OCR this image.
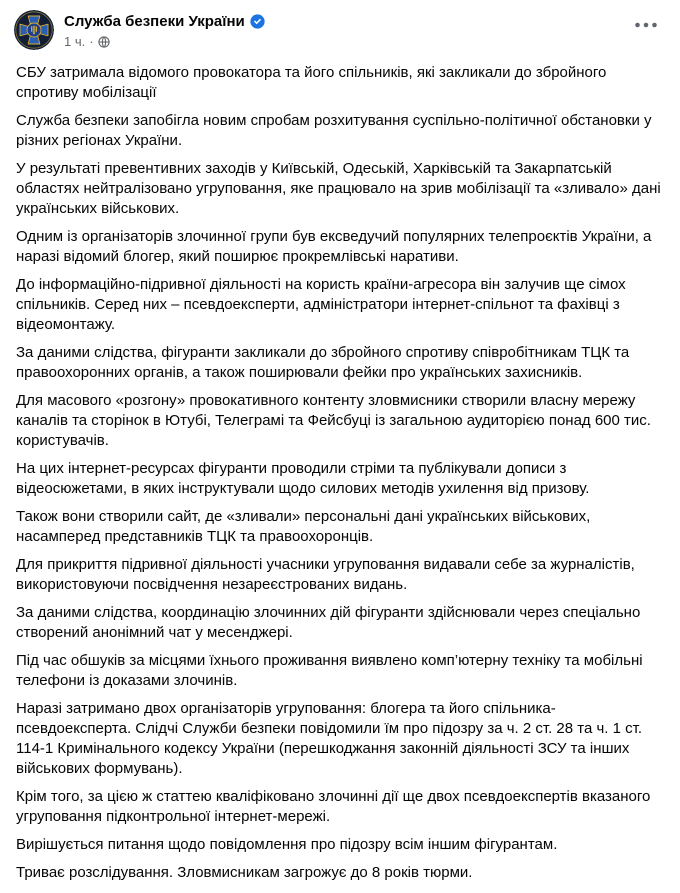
Служба безпеки України
1 ч. ·

СБУ затримала відомого провокатора та його спільників, які закликали до збройного спротиву мобілізації

Служба безпеки запобігла новим спробам розхитування суспільно-політичної обстановки у різних регіонах України.

У результаті превентивних заходів у Київській, Одеській, Харківській та Закарпатській областях нейтралізовано угруповання, яке працювало на зрив мобілізації та «зливало» дані українських військових.

Одним із організаторів злочинної групи був ексведучий популярних телепроєктів України, а наразі відомий блогер, який поширює прокремлівські наративи.

До інформаційно-підривної діяльності на користь країни-агресора він залучив ще сімох спільників. Серед них – псевдоексперти, адміністратори інтернет-спільнот та фахівці з відеомонтажу.

За даними слідства, фігуранти закликали до збройного спротиву співробітникам ТЦК та правоохоронних органів, а також поширювали фейки про українських захисників.

Для масового «розгону» провокативного контенту зловмисники створили власну мережу каналів та сторінок в Ютубі, Телеграмі та Фейсбуці із загальною аудиторією понад 600 тис. користувачів.

На цих інтернет-ресурсах фігуранти проводили стріми та публікували дописи з відеосюжетами, в яких інструктували щодо силових методів ухилення від призову.

Також вони створили сайт, де «зливали» персональні дані українських військових, насамперед представників ТЦК та правоохоронців.

Для прикриття підривної діяльності учасники угруповання видавали себе за журналістів, використовуючи посвідчення незареєстрованих видань.

За даними слідства, координацію злочинних дій фігуранти здійснювали через спеціально створений анонімний чат у месенджері.

Під час обшуків за місцями їхнього проживання виявлено комп’ютерну техніку та мобільні телефони із доказами злочинів.

Наразі затримано двох організаторів угруповання: блогера та його спільника-псевдоексперта. Слідчі Служби безпеки повідомили їм про підозру за ч. 2 ст. 28 та ч. 1 ст. 114-1 Кримінального кодексу України (перешкоджання законній діяльності ЗСУ та інших військових формувань).

Крім того, за цією ж статтею кваліфіковано злочинні дії ще двох псевдоекспертів вказаного угруповання підконтрольної інтернет-мережі.

Вирішується питання щодо повідомлення про підозру всім іншим фігурантам.

Триває розслідування. Зловмисникам загрожує до 8 років тюрми.
